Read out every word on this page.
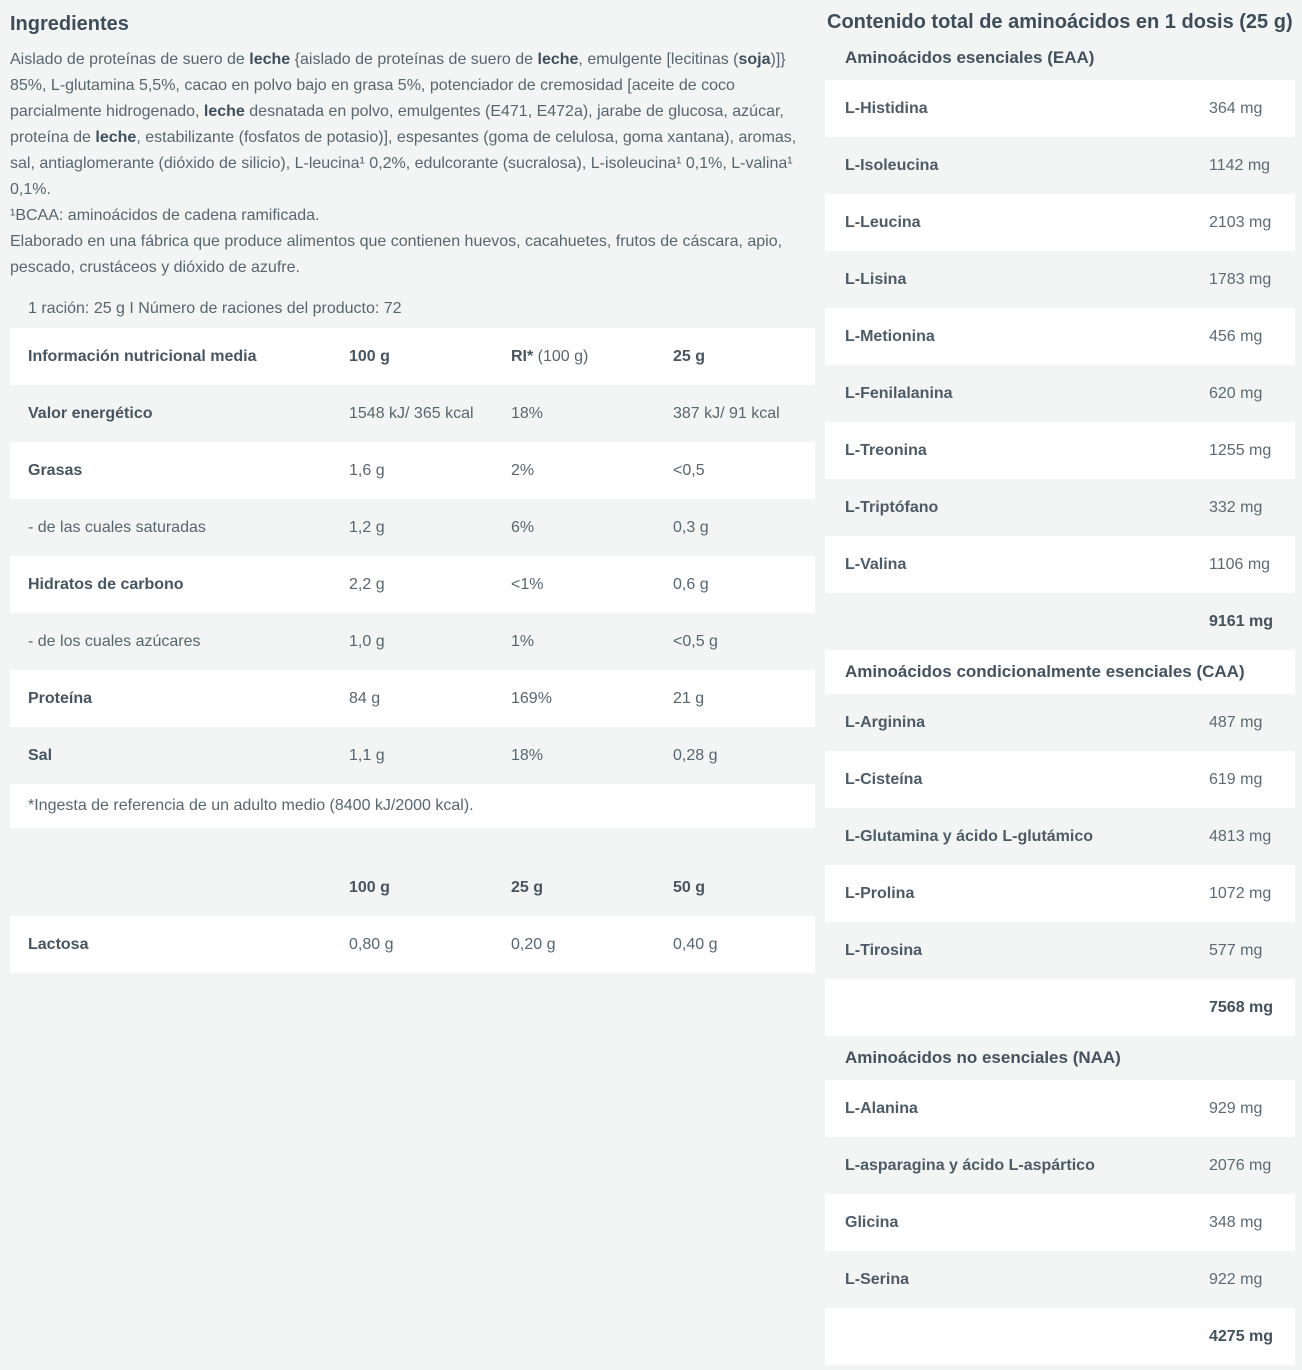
Ingredientes

Aislado de proteínas de suero de leche {aislado de proteínas de suero de leche, emulgente [lecitinas (soja)]} 85%, L-glutamina 5,5%, cacao en polvo bajo en grasa 5%, potenciador de cremosidad [aceite de coco parcialmente hidrogenado, leche desnatada en polvo, emulgentes (E471, E472a), jarabe de glucosa, azúcar, proteína de leche, estabilizante (fosfatos de potasio)], espesantes (goma de celulosa, goma xantana), aromas, sal, antiaglomerante (dióxido de silicio), L-leucina¹ 0,2%, edulcorante (sucralosa), L-isoleucina¹ 0,1%, L-valina¹ 0,1%.

¹BCAA: aminoácidos de cadena ramificada.

Elaborado en una fábrica que produce alimentos que contienen huevos, cacahuetes, frutos de cáscara, apio, pescado, crustáceos y dióxido de azufre.

1 ración: 25 g I Número de raciones del producto: 72
Información nutricional media	100 g	RI* (100 g)	25 g
Valor energético	1548 kJ/ 365 kcal	18%	387 kJ/ 91 kcal
Grasas	1,6 g	2%	<0,5
- de las cuales saturadas	1,2 g	6%	0,3 g
Hidratos de carbono	2,2 g	<1%	0,6 g
- de los cuales azúcares	1,0 g	1%	<0,5 g
Proteína	84 g	169%	21 g
Sal	1,1 g	18%	0,28 g
*Ingesta de referencia de un adulto medio (8400 kJ/2000 kcal).
100 g	25 g	50 g
Lactosa	0,80 g	0,20 g	0,40 g
Contenido total de aminoácidos en 1 dosis (25 g)
Aminoácidos esenciales (EAA)
L-Histidina	364 mg
L-Isoleucina	1142 mg
L-Leucina	2103 mg
L-Lisina	1783 mg
L-Metionina	456 mg
L-Fenilalanina	620 mg
L-Treonina	1255 mg
L-Triptófano	332 mg
L-Valina	1106 mg
9161 mg
Aminoácidos condicionalmente esenciales (CAA)
L-Arginina	487 mg
L-Cisteína	619 mg
L-Glutamina y ácido L-glutámico	4813 mg
L-Prolina	1072 mg
L-Tirosina	577 mg
7568 mg
Aminoácidos no esenciales (NAA)
L-Alanina	929 mg
L-asparagina y ácido L-aspártico	2076 mg
Glicina	348 mg
L-Serina	922 mg
4275 mg
